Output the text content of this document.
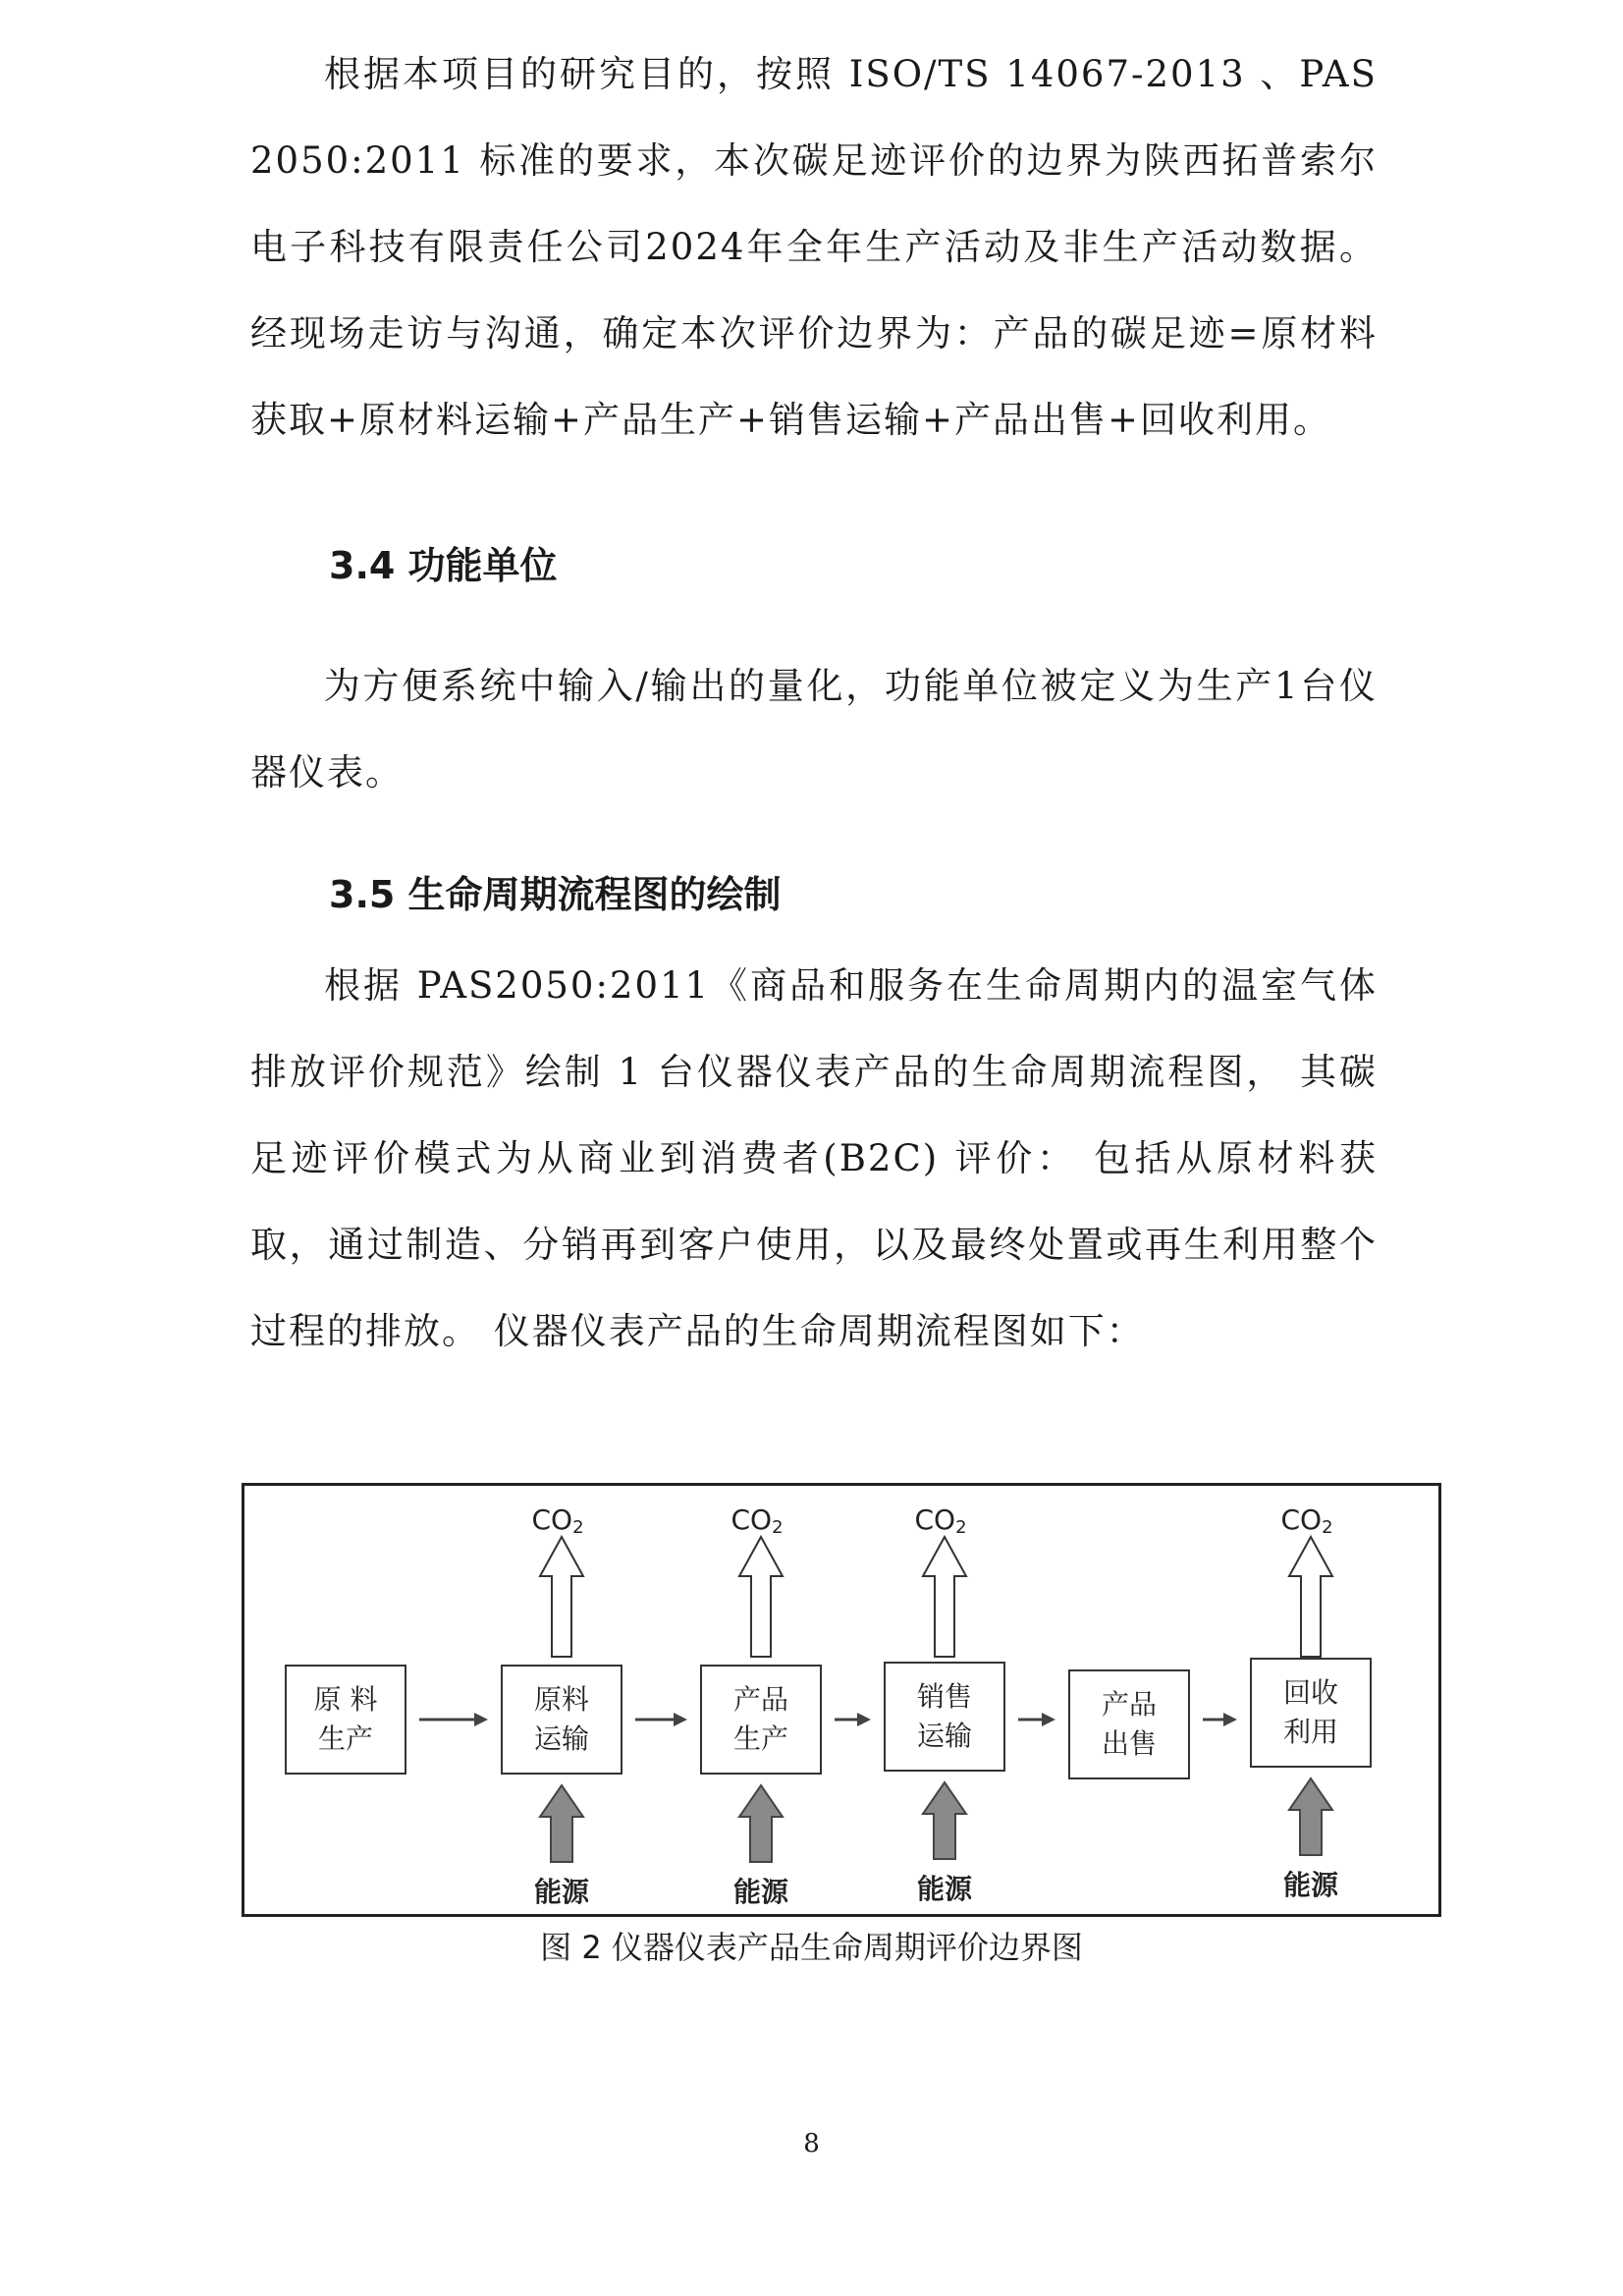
根据本项目的研究目的，按照 ISO/TS 14067-2013 、PAS 2050:2011 标准的要求，本次碳足迹评价的边界为陕西拓普索尔电子科技有限责任公司2024年全年生产活动及非生产活动数据。经现场走访与沟通，确定本次评价边界为：产品的碳足迹=原材料获取+原材料运输+产品生产+销售运输+产品出售+回收利用。

3.4 功能单位

为方便系统中输入/输出的量化，功能单位被定义为生产1台仪器仪表。

3.5 生命周期流程图的绘制

根据 PAS2050:2011《商品和服务在生命周期内的温室气体排放评价规范》绘制 1 台仪器仪表产品的生命周期流程图， 其碳足迹评价模式为从商业到消费者(B2C) 评价： 包括从原材料获取，通过制造、分销再到客户使用，以及最终处置或再生利用整个过程的排放。 仪器仪表产品的生命周期流程图如下：

原 料
生产
原料
运输
CO2
能源
产品
生产
CO2
能源
销售
运输
CO2
能源
产品
出售
回收
利用
CO2
能源

图 2 仪器仪表产品生命周期评价边界图

8
